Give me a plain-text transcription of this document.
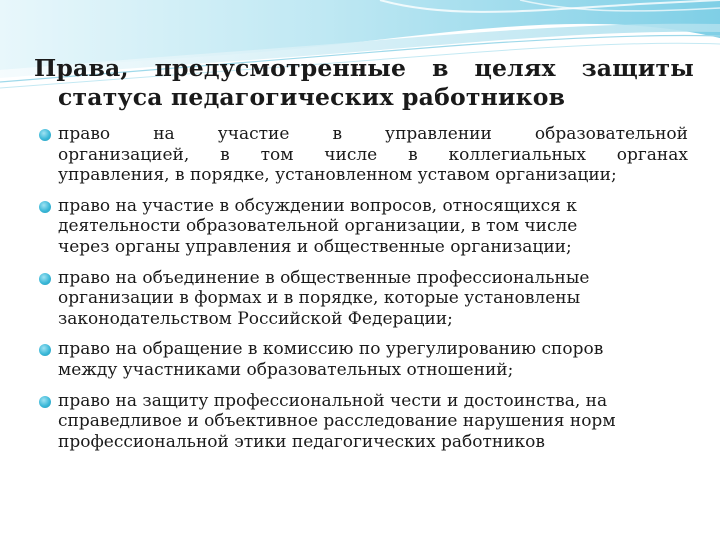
Права, предусмотренные в целях защиты
статуса педагогических работников
право на участие в управлении образовательной
организацией, в том числе в коллегиальных органах
управления, в порядке, установленном уставом организации;
право на участие в обсуждении вопросов, относящихся к
деятельности образовательной организации, в том числе
через органы управления и общественные организации;
право на объединение в общественные профессиональные
организации в формах и в порядке, которые установлены
законодательством Российской Федерации;
право на обращение в комиссию по урегулированию споров
между участниками образовательных отношений;
право на защиту профессиональной чести и достоинства, на
справедливое и объективное расследование нарушения норм
профессиональной этики педагогических работников
